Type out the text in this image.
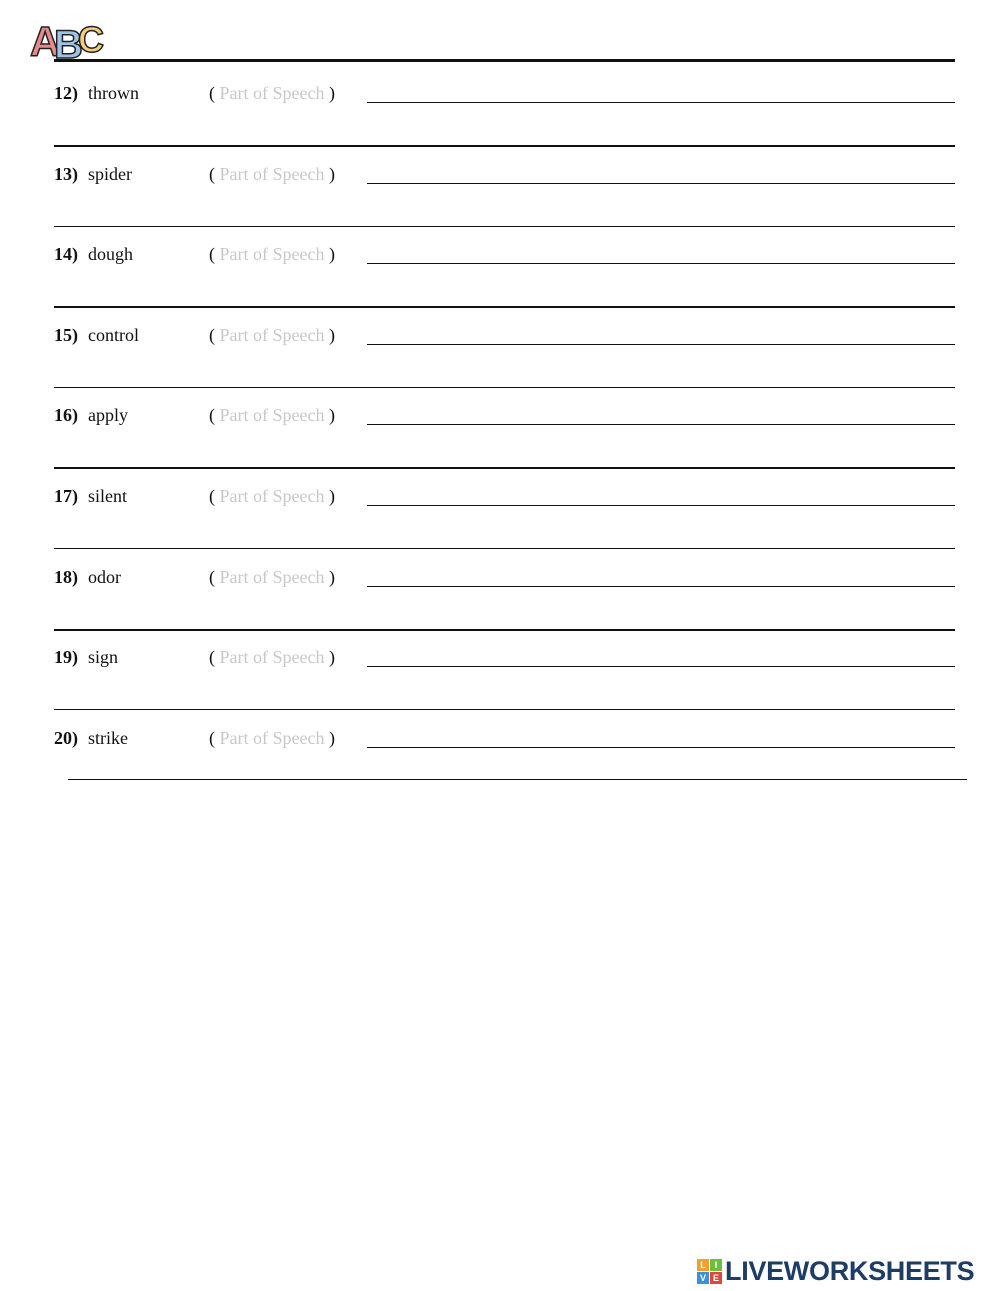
A
B
C
12) thrown	( Part of Speech )
13) spider	( Part of Speech )
14) dough	( Part of Speech )
15) control	( Part of Speech )
16) apply	( Part of Speech )
17) silent	( Part of Speech )
18) odor	( Part of Speech )
19) sign	( Part of Speech )
20) strike	( Part of Speech )
L I
V E LIVEWORKSHEETS
